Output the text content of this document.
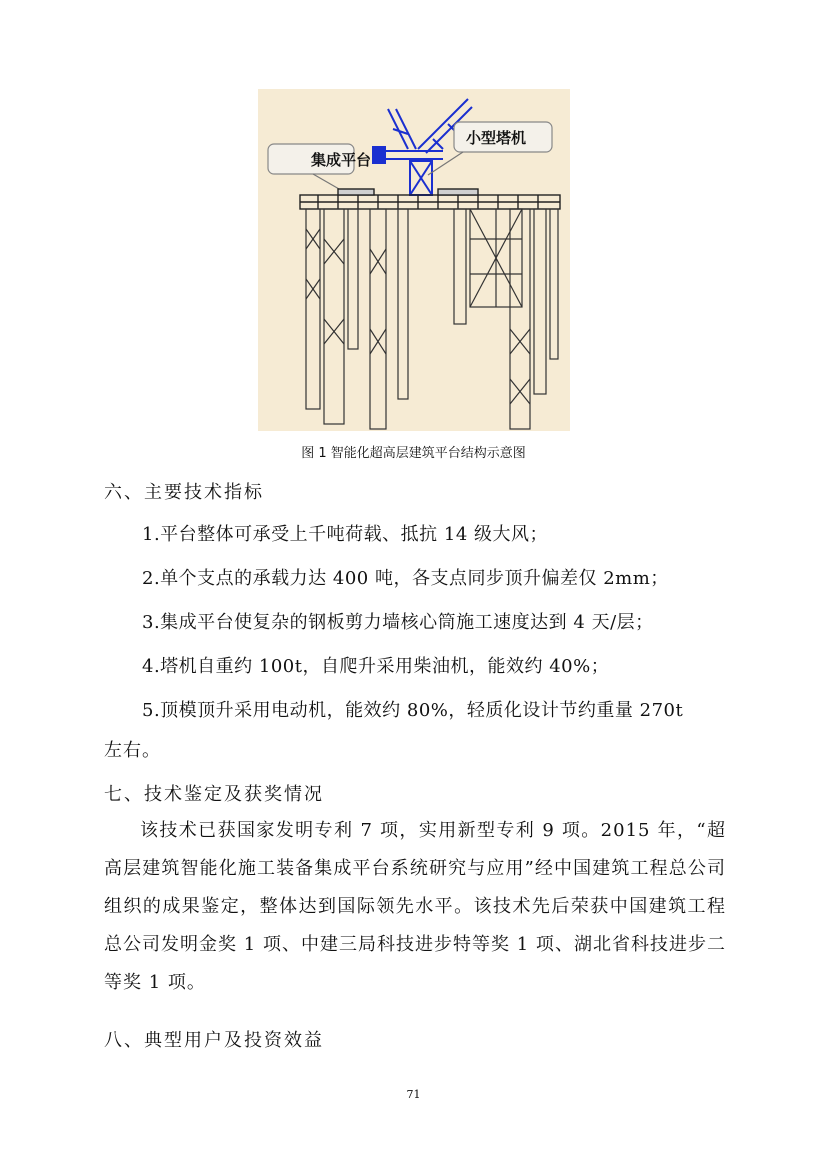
集成平台
小型塔机
图 1 智能化超高层建筑平台结构示意图
六、主要技术指标
1.平台整体可承受上千吨荷载、抵抗 14 级大风；
2.单个支点的承载力达 400 吨，各支点同步顶升偏差仅 2mm；
3.集成平台使复杂的钢板剪力墙核心筒施工速度达到 4 天/层；
4.塔机自重约 100t，自爬升采用柴油机，能效约 40%；
5.顶模顶升采用电动机，能效约 80%，轻质化设计节约重量 270t
左右。
七、技术鉴定及获奖情况
该技术已获国家发明专利 7 项，实用新型专利 9 项。2015 年，“超高层建筑智能化施工装备集成平台系统研究与应用”经中国建筑工程总公司组织的成果鉴定，整体达到国际领先水平。该技术先后荣获中国建筑工程总公司发明金奖 1 项、中建三局科技进步特等奖 1 项、湖北省科技进步二等奖 1 项。
八、典型用户及投资效益
71
